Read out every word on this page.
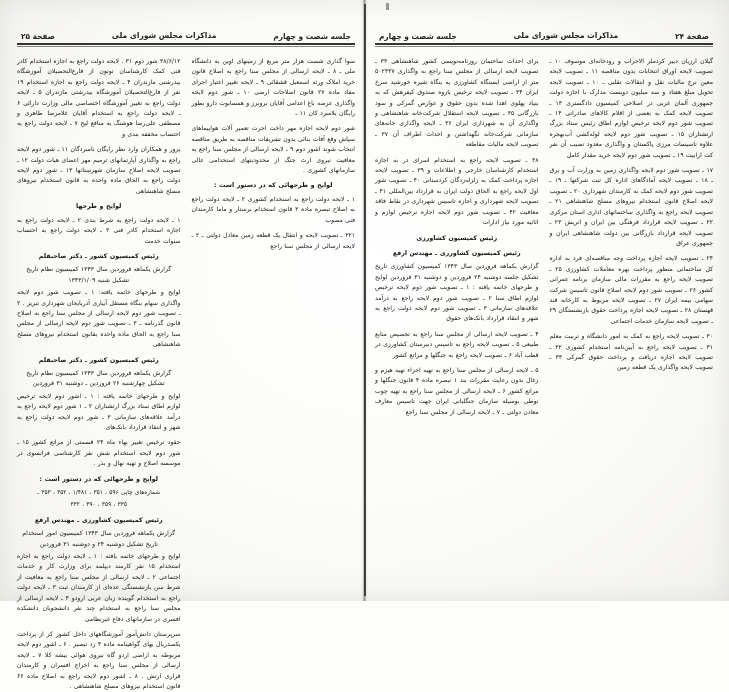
صفحة ۲۴
مذاکرات مجلس شورای ملی
جلسه شصت و چهارم

گیلان ارزیان دبیر کردملر الاحزاب و رودخانه‌ای موسوف ۱۰ ـ تصویب لایحه اوراق انتخابات بدون مناقصه ۱۱ ـ تصویب لایحه معین نرخ مالیات نقل و انتقالات تقلبی ـ ۱۰ ـ تصویب لایحه تحویل مبلغ هفتاد و سه میلیون دویست مدارک با اجازه دولت جمهوری آلمان غربی در اصلاحی کمیسیون دادگستری ۱۳ ـ تصویب لایحه کمک به بعضی از اقلام کالاهای صادراتی ۱۴ ـ تصویب شور دوم لایحه ترخیص لوازم اطاق رئیس ستاد بزرگ ارتشتاران ۱۵ ـ تصویب شور دوم لایحه لوله‌کشی آب‌بهجره علاوه تاسیسات مرزی پاکستان و واگذاری معدود نصیب آن نفر کت ارابیت ۱۹ ـ تصویب شور دوم لایحه خرید مقدار کامل

۱۷ ـ تصویب شور دوم لایحه واگذاری زمین به وزارت آب و برق ـ ۱۸ ـ تصویب لایحه آمادگاهای اداره کل ثبت شرکتها ـ ۱۹ ـ تصویب شور دوم لایحه کمک به کارمندان شهرداری ۲۰ ـ تصویب لایحه اصلاح قانون استخدام نیروهای مسلح شاهنشاهی ۲۱ ـ تصویب لایحه راجع به واگذاری ساختمانهای اداری استان مرکزی ۲۲ ـ تصویب لایحه قرارداد فرهنگی بین ایران و اتریش ۲۳ ـ تصویب لایحه قرارداد بازرگانی بین دولت شاهنشاهی ایران و جمهوری عراق

۲۴ ـ تصویب لایحه اجازه پرداخت وجه مناقصه‌ای فرد به اداره کل ساختمانی منظور پرداخت بهره معاملات کشاورزی ۲۵ ـ تصویب لایحه راجع به مقررات مالی سازمان برنامه عمرانی کشور ۲۶ ـ تصویب شور دوم لایحه اصلاح قانون تاسیس شرکت سهامی بیمه ایران ۲۷ ـ تصویب لایحه مربوط به کارخانه قند قهستان ۲۸ ـ تصویب لایحه اجازه پرداخت حقوق بازنشستگان ۲۹ ـ تصویب لایحه سازمان خدمات اجتماعی

۳۰ ـ تصویب لایحه راجع به کمک به امور دانشگاه و تربیت معلم ۳۱ ـ تصویب لایحه راجع به آیین‌نامه استخدام کشوری ۳۲ ـ تصویب لایحه اجازه دریافت و پرداخت حقوق گمرکی ۳۳ ـ تصویب لایحه واگذاری یک قطعه زمین

برای احداث ساختمان روزنامه‌نویسی کشور شاهنشاهی ۳۳ ـ تصویب لایحه ارسالی از مجلس سنا راجع به واگذاری ۵۰۲۳۳۷ متر از اراضی ایستگاه کشاورزی به بنگاه شیره خورشید سرخ ایران ۳۴ ـ تصویب لایحه ترخیص بازوه صندوق کیفرهش که به بنیاد پهلوی اهدا شده بدون حقوق و عوارض گمرکی و سود بازرگانی ۳۵ ـ تصویب لایحه استقلال شرکت‌خانه شاهنشاهی و واگذاری آن به شهرداری ایران ۳۶ ـ لایحه واگذاری خانه‌های سازمانی شرکت‌خانه نگهداشتن و احداث اطراف آن ۳۷ ـ تصویب لایحه مالیات مقاطعه

۳۸ ـ تصویب لایحه راجع به استخدام اسرای در به اجازه استخدام کارشناسان خارجی و اطلاعات و ۳۹ ـ تصویب لایحه اجازه پرداخت کمک به زلزله‌زدگان کردستانی ۴۰ ـ تصویب شور اول لایحه راجع به الحاق دولت ایران به قرارداد بین‌المللی ۴۱ ـ تصویب لایحه شهرداری و اجازه تاسیس شهرداری در نقاط فاقد معافیت ۴۲ ـ تصویب شور دوم لایحه اجازه ترخیص لوازم و اثاثیه مورد نیاز ادارات

رئیس کمیسیون کشاورزی

رئیس کمیسیون کشاورزی ـ مهندس ارفع

گزارش یکماهه فروردین سال ۱۳۴۳ کمیسیون کشاورزی تاریخ تشکیل جلسه دوشنبه ۲۴ فروردین و دوشنبه ۳۱ فروردین لوایح و طرحهای خاتمه یافته : ۱ ـ تصویب شور دوم لایحه ترخیص لوازم اطاق سنا ۲ ـ تصویب شور دوم لایحه راجع به درآمد علاقه‌های سازمانی ۳ ـ تصویب شور دوم لایحه دولت راجع به شهر و انتقاد قرارداد بانک‌های حقوق

۴ ـ تصویب لایحه ارسالی از مجلس سنا راجع به تخصیص منابع طبیعی ۵ ـ تصویب لایحه راجع به تاسیس دبیرستان کشاورزی در قطب آباد ۶ ـ تصویب لایحه راجع به جنگلها و مراتع کشور

۵ ـ لایحه ارسالی از مجلس سنا راجع به تهیه اجزاء تهیه هیزم و زغال بدون رعایت مقررات بند ۱ تبصره ماده ۴ قانون جنگلها و مراتع کشور ۶ ـ لایحه ارسالی از مجلس سنا راجع به تهیه چوب نوظی بوسیله سازمان جنگلبانی ایران جهت تاسیس معارف معادن دولتی ـ ۷ ـ لایحه ارسالی از مجلس سنا راجع

جلسه شصت و چهارم
مذاکرات مجلس شورای ملی
صفحة ۲۵

سوا گذاری شصت هزار متر مربع از زمینهای اوین به دانشگاه ملی ـ ۸ ـ لایحه ارسالی از مجلس سنا راجع به اصلاح قانون خرید املاک ورثه اسمعیل قشقائی ۹ ـ لایحه تغییر اعتبار اجرای مفاد ماده ۲۷ قانون اصلاحات ارضی ۱۰ ـ شور دوم لایحه واگذاری عرصه باغ اعدامی آقایان بروبرز و همسایوت دارو بطور رایگان بلامبرد کان ۱۱ ـ

شور دوم لایحه اجازه مهر داخت اجرت تعمیر آلات هواپیماهای سپاش وقع آفات بنائی بدون تشریفات مناقصه به طریق مناقصه انتخاب شوند اشور دوم ۹ ـ لایحه ارسالی از مجلس سنا راجع به معافیت نیروی ارث جنگ از محدودیتهای استخدامی عالی سازمانهای کشوری .

لوایح و طرحهائی که در دستور است :

۱ ـ لایحه دولت راجع به استخدام کشوری ۲ ـ لایحه دولت راجع به اصلاح تبصره ماده ۳ قانون استخدام برستار و ماما کارمندان فنی مصوب

۳۲۱ ـ تصویب لایحه و انتقال یک قطعه زمین معادل دولتی ـ ۲ ـ لایحه ارسالی از مجلس سنا راجع

۳۸/۶/۱۲ شور دوم ۳۱ . لایحه دولت راجع به اجازه استخدام کادر فنی کمک کارشناسان تونون از فارغ‌التحصیلان آموزشگاه بیدرشتی مازندران ۴ ـ لایحه دولت راجع به اجازه استخدام ۱۹ نفر از فارغ‌التحصیلان آموزشگاه بیدرشتی مازندران ۵ ـ لایحه دولت راجع به تغییر آموزشگاه اختصاصی مالی وزارت دارائی ۶ ـ لایحه دولت راجع به استخدام آقایان غلامرضا طاهری و مصطفی علی‌رضا هوشنگ به منافع لیح ۷ ـ لایحه دولت راجع به احتساب مخففه بندی و

پرور و همکاران وارد نظر رایگان نامبردگان ۱۱ ـ شور دوم لایحه راجع به واگذاری آپارتمانهای ترمیم مهر اعضای هیات دولت ۱۲ ـ تصویب لایحه اصلاح سازمان شهرستانها ۱۳ ـ شور دوم لایحه دولت راجع به الحاق ماده واحده به قانون استخدام نیروهای مسلح شاهنشاهی

لوایح و طرحها

۱ ـ لایحه دولت راجع به شرط بندی ۲ ـ لایحه دولت راجع به اجازه استخدام کادر فنی ۳ ـ لایحه دولت راجع به احتساب سنوات خدمت

رئیس کمیسیون کشور ـ دکتر صاحبقلم

گزارش یکماهه فروردین سال ۱۳۴۳ کمیسیون نظام تاریخ تشکیل شنبه ۱۳۴۳/۱/۰۹

لوایح و طرحهای خاتمه یافته: ۱ ـ تصویب شور دوم لایحه واگذاری سهام بنگاه مستقل آبیاری آذربایجان شهرداری تبریز . ۲ ـ تصویب شور دوم لایحه ارسالی از مجلس سنا راجع به اصلاح قانون گذرنامه ـ ۳ ـ تصویب شور دوم لایحه ارسالی از مجلس سنا راجع به الحاق ماده واحده بقانون استخدام نیروهای مسلح شاهنشاهی

رئیس کمیسیون کشور ـ دکتر صاحبقلم

گزارش یکماهه فروردین سال ۱۳۴۳ کمیسیون نظام تاریخ تشکیل چهارشنبه ۲۶ فروردین ـ دوشنبه ۳۱ فروردین

لوایح و طرحهای خاتمه یافته : ۱ ـ اشور دوم لایحه ترخیص لوازم اطاق ستاد بزرگ ارتشتاران ۲ ـ ۱ شور دوم لایحه راجع به درآمد علاقه‌های سازمانی ۳ ـ شور دوم لایحه دولت راجع به شهر و انتقاد قرارداد بانک‌های

حقود ترخیص تغییر بهاء ماه ۲۴ قسمتی از مراتع کشور ۱۵ ـ شور دوم لایحه استخدام شش نفر کارشناسی فرانسوی در موسسه اصلاح و تهیه نهال و بذر .

لوایح و طرحهائی که در دستور است :

شماره‌های چاپی ۵۹۶ ، ۳۵۱ ، ۱/۴۸۱ ، ۳۵۲ ، ۳۵۳ ـ

۳۳۵ ، ۳۵۹ ، ۳۹۰ ، ۳۳۲

رئیس کمیسیون کشاورزی ـ مهندس ارفع

گزارش یکماهه فروردین سال ۱۳۴۳ کمیسیون امور استخدام تاریخ تشکیل دوشنبه ۲۴ و دوشنبه ۳۱ فروردین

لوایح و طرحهای خاتمه یافته : ۱ ـ لایحه دولت راجع به اجازه استخدام ۱۵ نفر کارمند دیپلمه برای وزارت کار و خدمات اجتماعی ۲ ـ لایحه ارسالی از مجلس سنا راجع به معافیت از شرط سن بازنشستگی عده‌ای از کارمندان ثبت ۳ ـ لایحه دولت راجع به استخدام گوینده زبان عربی ارودو ۴ ـ لایحه ارسالی از مجلس سنا راجع به استخدام چند نفر دانشجویان دانشکده افسری در سازمانهای دفاع غیرنظامی

سرپرستان دانش‌آموز آموزشگاههای داخل کشور کز از پرداخت یکصدریال بهای گواهینامه ماده ۴ رد تبصیر . ۶ ـ اشور دوم لایحه مربوطه به اراضی اردو گاه نیروی هوائی بیشه کلا ۷ ـ لایحه ارسالی از مجلس سنا راجع به اخراج افسران و کارمندان فراری ارتش . ۸ ـ اشور دوم لایحه راجع به اصلاح ماده ۶۶ قانون استخدام نیروهای مسلح شاهنشاهی .
